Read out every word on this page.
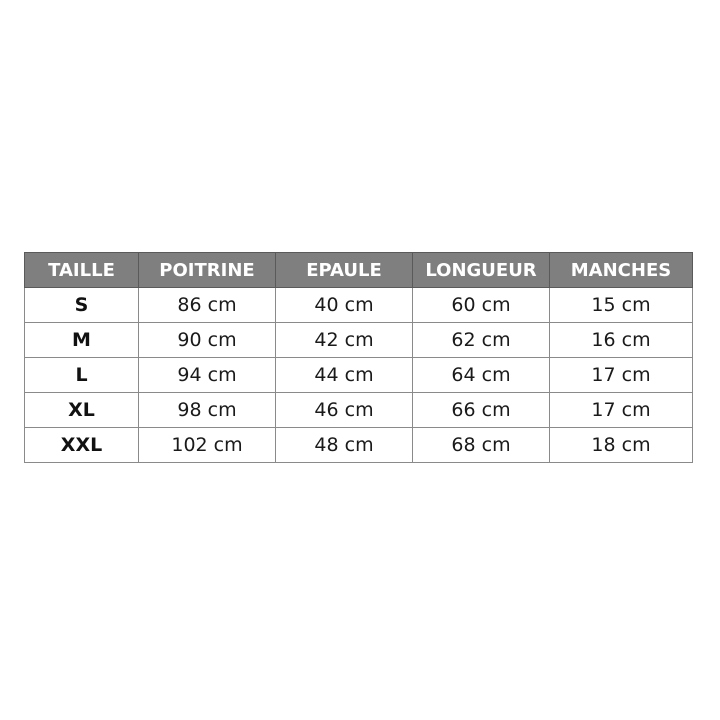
TAILLE	POITRINE	EPAULE	LONGUEUR	MANCHES
S	86 cm	40 cm	60 cm	15 cm
M	90 cm	42 cm	62 cm	16 cm
L	94 cm	44 cm	64 cm	17 cm
XL	98 cm	46 cm	66 cm	17 cm
XXL	102 cm	48 cm	68 cm	18 cm
